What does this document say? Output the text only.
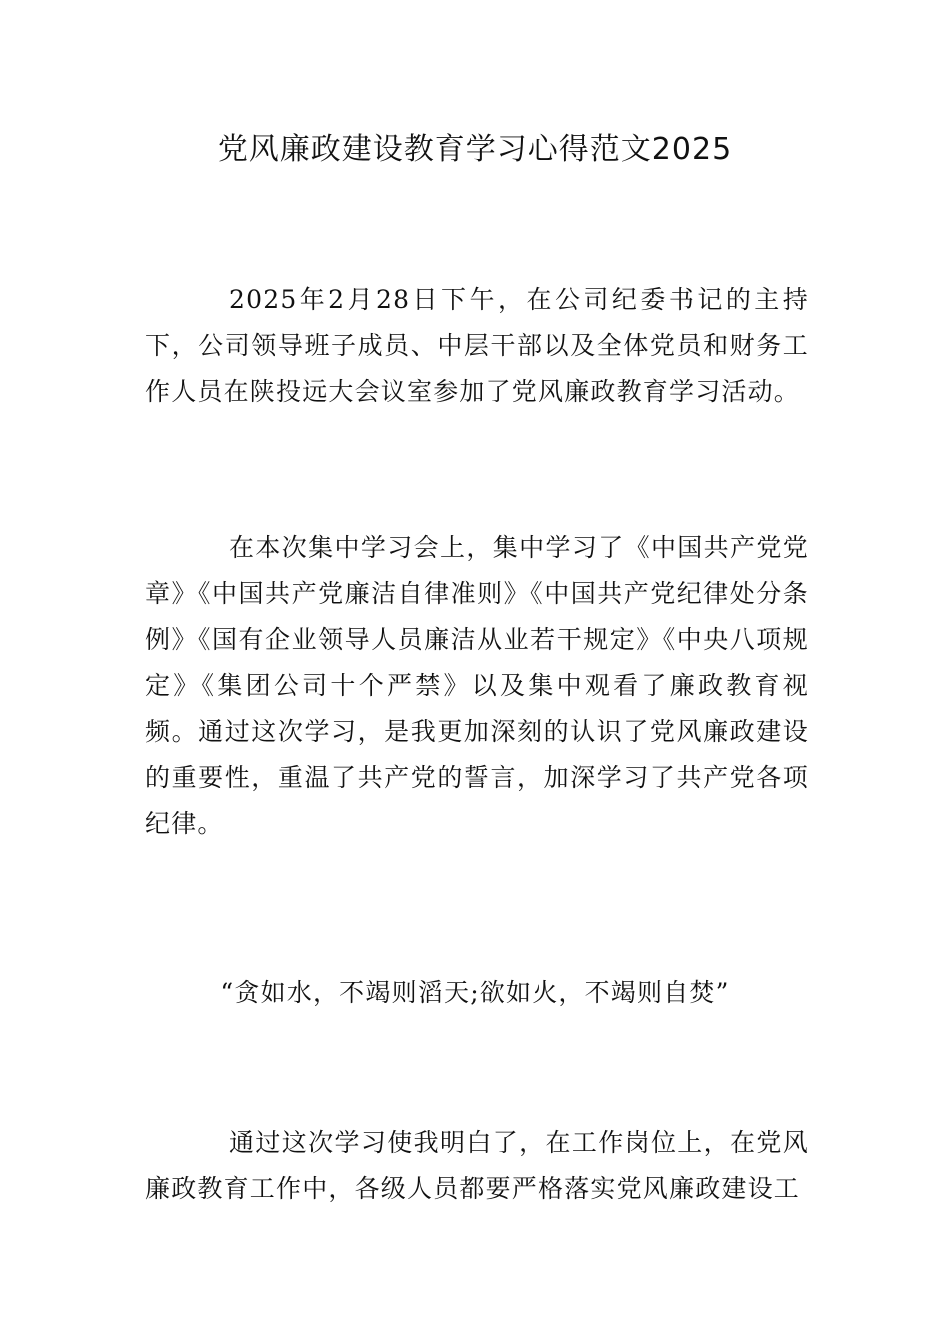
党风廉政建设教育学习心得范文2025

2025年2月28日下午，在公司纪委书记的主持下，公司领导班子成员、中层干部以及全体党员和财务工作人员在陕投远大会议室参加了党风廉政教育学习活动。

在本次集中学习会上，集中学习了《中国共产党党章》《中国共产党廉洁自律准则》《中国共产党纪律处分条例》《国有企业领导人员廉洁从业若干规定》《中央八项规定》《集团公司十个严禁》以及集中观看了廉政教育视频。通过这次学习，是我更加深刻的认识了党风廉政建设的重要性，重温了共产党的誓言，加深学习了共产党各项纪律。

“贪如水，不竭则滔天;欲如火，不竭则自焚”

通过这次学习使我明白了，在工作岗位上，在党风廉政教育工作中，各级人员都要严格落实党风廉政建设工
